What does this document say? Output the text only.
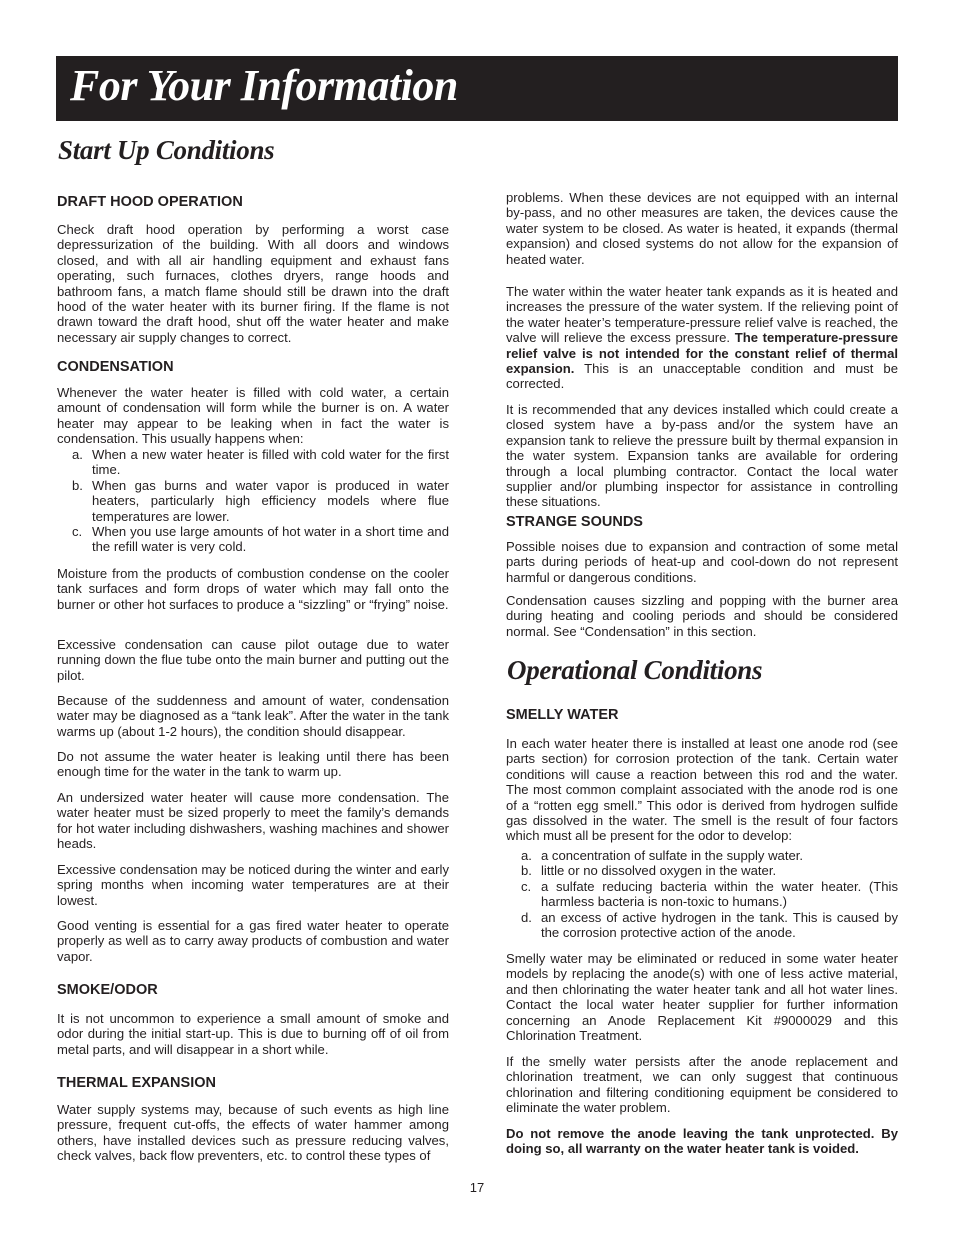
For Your Information
Start Up Conditions
DRAFT HOOD OPERATION

Check draft hood operation by performing a worst case depressurization of the building. With all doors and windows closed, and with all air handling equipment and exhaust fans operating, such furnaces, clothes dryers, range hoods and bathroom fans, a match flame should still be drawn into the draft hood of the water heater with its burner firing. If the flame is not drawn toward the draft hood, shut off the water heater and make necessary air supply changes to correct.

CONDENSATION

Whenever the water heater is filled with cold water, a certain amount of condensation will form while the burner is on. A water heater may appear to be leaking when in fact the water is condensation. This usually happens when:

a. When a new water heater is filled with cold water for the first time.
b. When gas burns and water vapor is produced in water heaters, particularly high efficiency models where flue temperatures are lower.
c. When you use large amounts of hot water in a short time and the refill water is very cold.

Moisture from the products of combustion condense on the cooler tank surfaces and form drops of water which may fall onto the burner or other hot surfaces to produce a “sizzling” or “frying” noise.

Excessive condensation can cause pilot outage due to water running down the flue tube onto the main burner and putting out the pilot.

Because of the suddenness and amount of water, condensation water may be diagnosed as a “tank leak”. After the water in the tank warms up (about 1-2 hours), the condition should disappear.

Do not assume the water heater is leaking until there has been enough time for the water in the tank to warm up.

An undersized water heater will cause more condensation. The water heater must be sized properly to meet the family’s demands for hot water including dishwashers, washing machines and shower heads.

Excessive condensation may be noticed during the winter and early spring months when incoming water temperatures are at their lowest.

Good venting is essential for a gas fired water heater to operate properly as well as to carry away products of combustion and water vapor.

SMOKE/ODOR

It is not uncommon to experience a small amount of smoke and odor during the initial start-up. This is due to burning off of oil from metal parts, and will disappear in a short while.

THERMAL EXPANSION

Water supply systems may, because of such events as high line pressure, frequent cut-offs, the effects of water hammer among others, have installed devices such as pressure reducing valves, check valves, back flow preventers, etc. to control these types of

problems. When these devices are not equipped with an internal by-pass, and no other measures are taken, the devices cause the water system to be closed. As water is heated, it expands (thermal expansion) and closed systems do not allow for the expansion of heated water.

The water within the water heater tank expands as it is heated and increases the pressure of the water system. If the relieving point of the water heater’s temperature-pressure relief valve is reached, the valve will relieve the excess pressure. The temperature-pressure relief valve is not intended for the constant relief of thermal expansion. This is an unacceptable condition and must be corrected.

It is recommended that any devices installed which could create a closed system have a by-pass and/or the system have an expansion tank to relieve the pressure built by thermal expansion in the water system. Expansion tanks are available for ordering through a local plumbing contractor. Contact the local water supplier and/or plumbing inspector for assistance in controlling these situations.

STRANGE SOUNDS

Possible noises due to expansion and contraction of some metal parts during periods of heat-up and cool-down do not represent harmful or dangerous conditions.

Condensation causes sizzling and popping with the burner area during heating and cooling periods and should be considered normal. See “Condensation” in this section.

Operational Conditions
SMELLY WATER

In each water heater there is installed at least one anode rod (see parts section) for corrosion protection of the tank. Certain water conditions will cause a reaction between this rod and the water. The most common complaint associated with the anode rod is one of a “rotten egg smell.” This odor is derived from hydrogen sulfide gas dissolved in the water. The smell is the result of four factors which must all be present for the odor to develop:

a. a concentration of sulfate in the supply water.
b. little or no dissolved oxygen in the water.
c. a sulfate reducing bacteria within the water heater. (This harmless bacteria is non-toxic to humans.)
d. an excess of active hydrogen in the tank. This is caused by the corrosion protective action of the anode.

Smelly water may be eliminated or reduced in some water heater models by replacing the anode(s) with one of less active material, and then chlorinating the water heater tank and all hot water lines. Contact the local water heater supplier for further information concerning an Anode Replacement Kit #9000029 and this Chlorination Treatment.

If the smelly water persists after the anode replacement and chlorination treatment, we can only suggest that continuous chlorination and filtering conditioning equipment be considered to eliminate the water problem.

Do not remove the anode leaving the tank unprotected. By doing so, all warranty on the water heater tank is voided.

17
